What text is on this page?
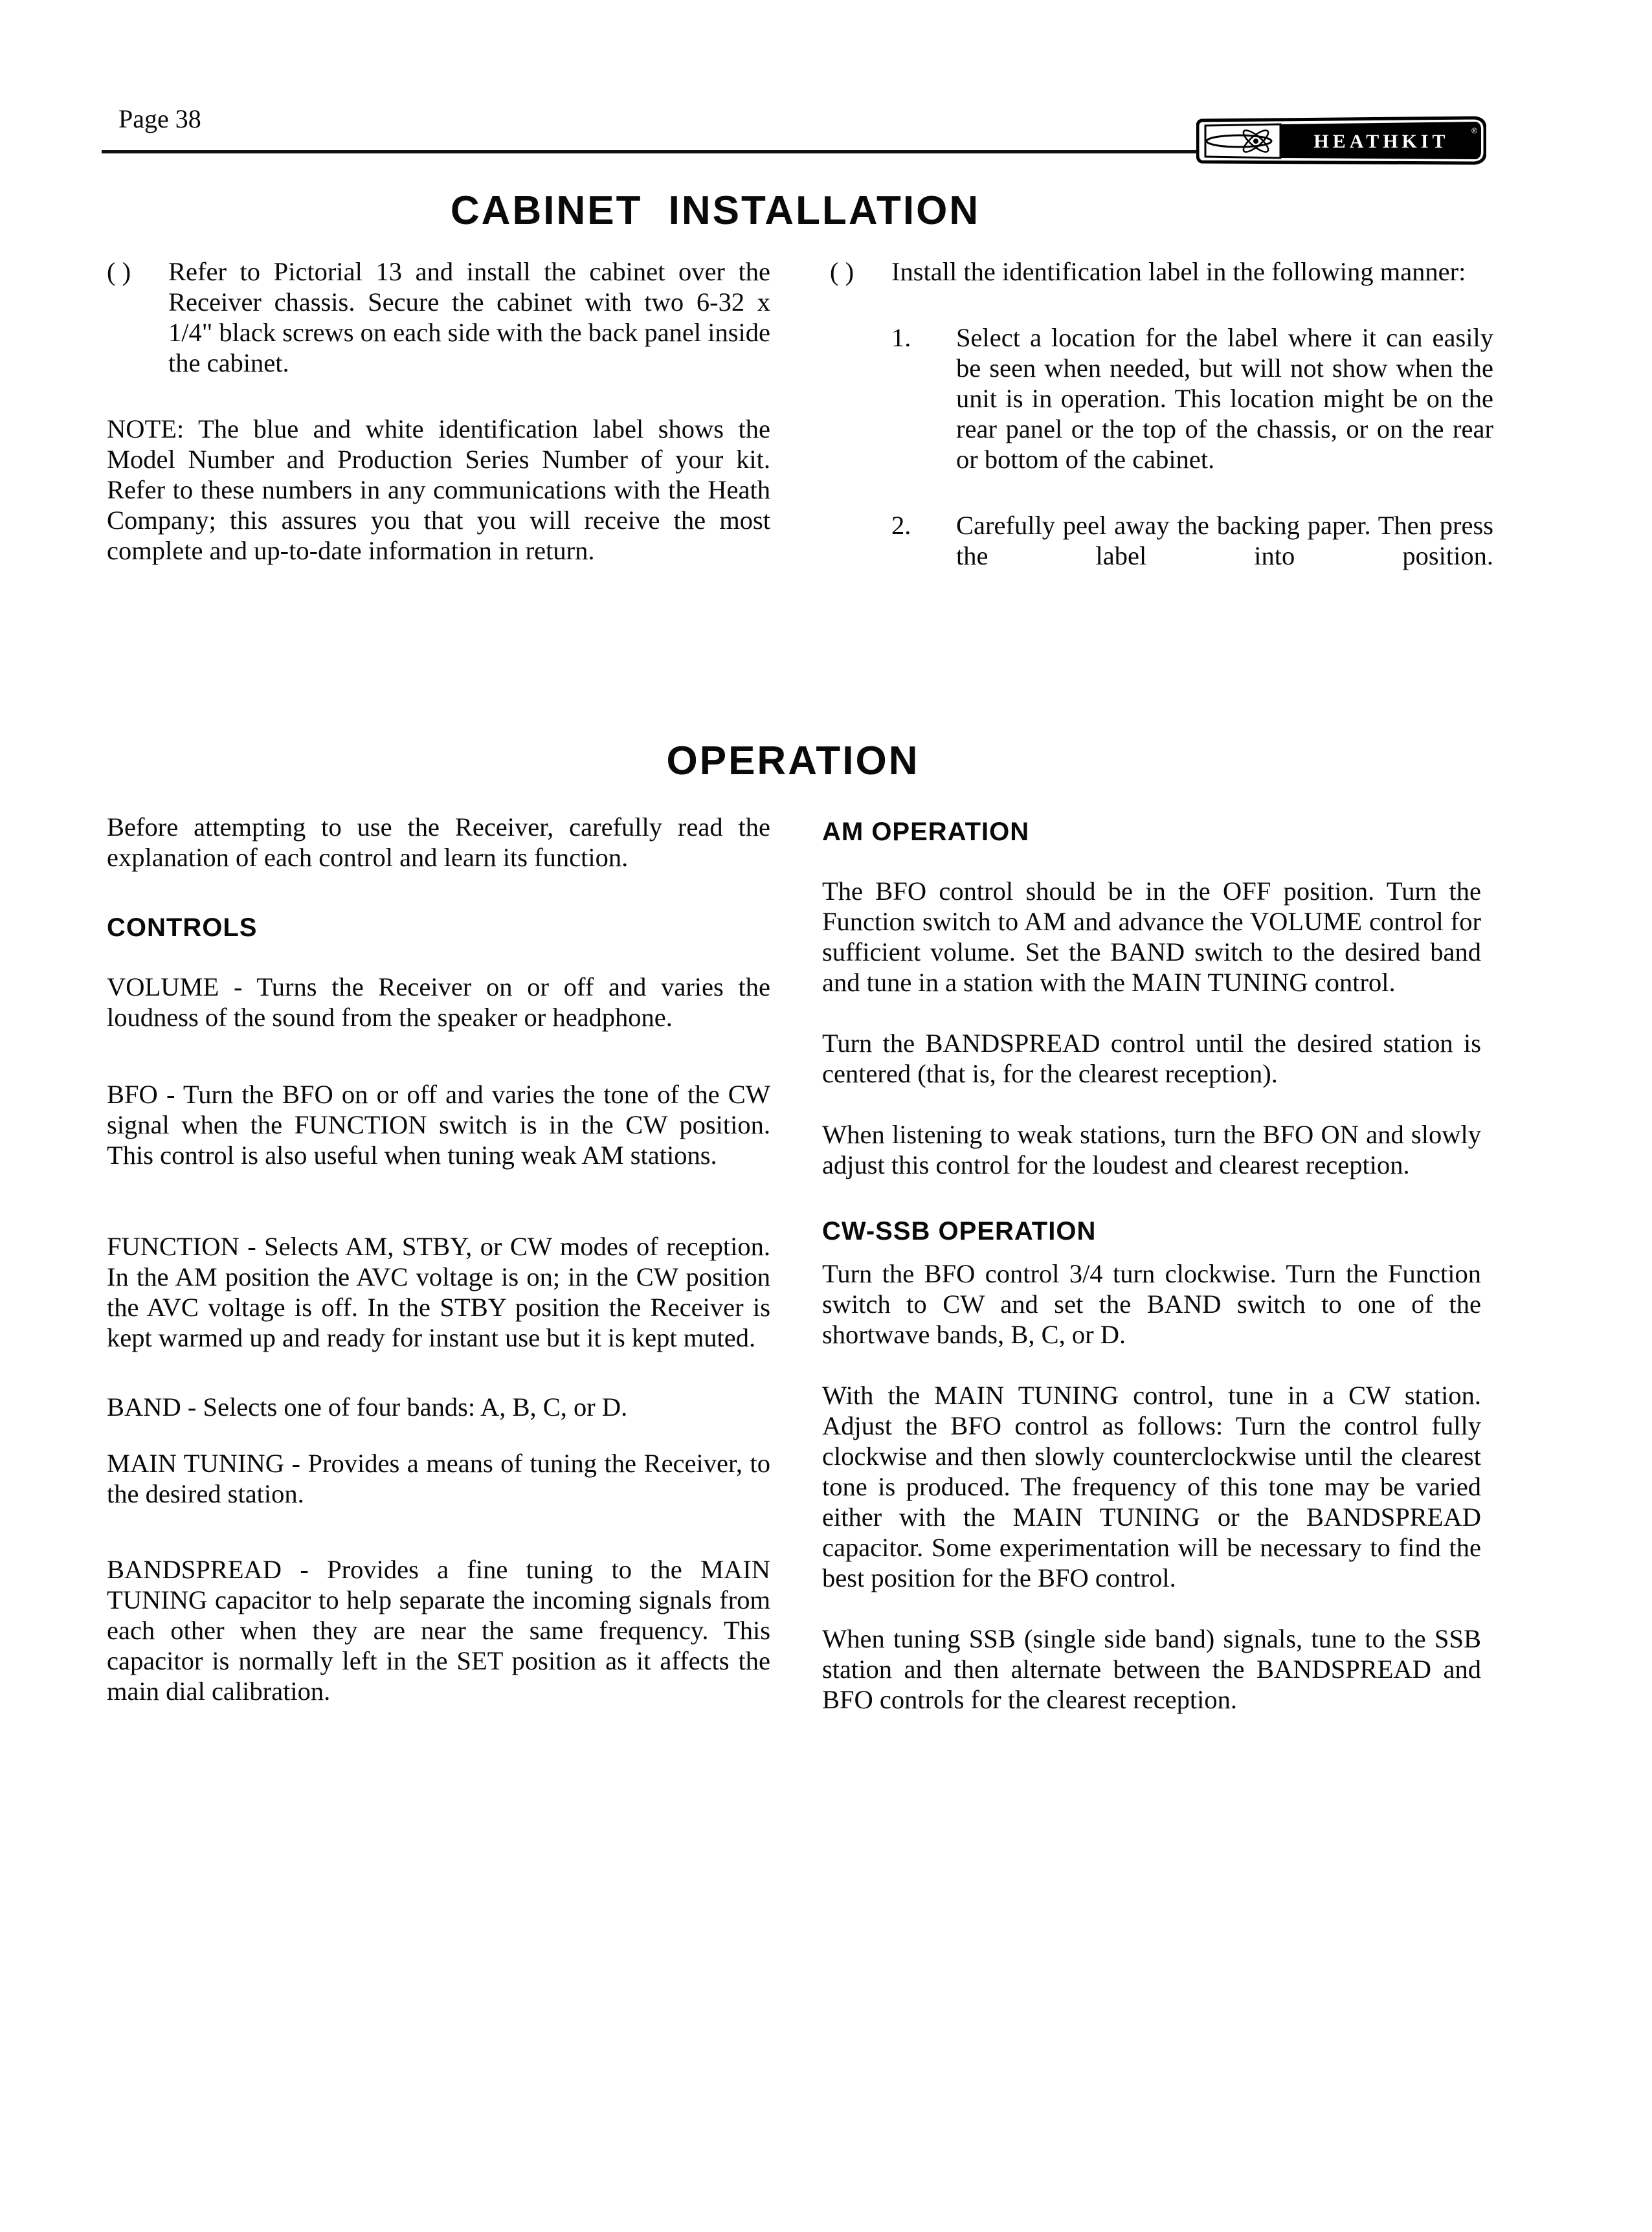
Page 38
HEATHKIT	®
CABINET INSTALLATION
( )	Refer to Pictorial 13 and install the cabinet over the Receiver chassis. Secure the cabinet with two 6-32 x 1/4" black screws on each side with the back panel inside the cabinet.

NOTE: The blue and white identification label shows the Model Number and Production Series Number of your kit. Refer to these numbers in any communications with the Heath Company; this assures you that you will receive the most complete and up-to-date information in return.

( )	Install the identification label in the following manner:

1. Select a location for the label where it can easily be seen when needed, but will not show when the unit is in operation. This location might be on the rear panel or the top of the chassis, or on the rear or bottom of the cabinet.

2. Carefully peel away the backing paper. Then press the label into position.

OPERATION

Before attempting to use the Receiver, carefully read the explanation of each control and learn its function.

CONTROLS

VOLUME - Turns the Receiver on or off and varies the loudness of the sound from the speaker or headphone.

BFO - Turn the BFO on or off and varies the tone of the CW signal when the FUNCTION switch is in the CW position. This control is also useful when tuning weak AM stations.

FUNCTION - Selects AM, STBY, or CW modes of reception. In the AM position the AVC voltage is on; in the CW position the AVC voltage is off. In the STBY position the Receiver is kept warmed up and ready for instant use but it is kept muted.

BAND - Selects one of four bands: A, B, C, or D.

MAIN TUNING - Provides a means of tuning the Receiver, to the desired station.

BANDSPREAD - Provides a fine tuning to the MAIN TUNING capacitor to help separate the incoming signals from each other when they are near the same frequency. This capacitor is normally left in the SET position as it affects the main dial calibration.

AM OPERATION

The BFO control should be in the OFF position. Turn the Function switch to AM and advance the VOLUME control for sufficient volume. Set the BAND switch to the desired band and tune in a station with the MAIN TUNING control.

Turn the BANDSPREAD control until the desired station is centered (that is, for the clearest reception).

When listening to weak stations, turn the BFO ON and slowly adjust this control for the loudest and clearest reception.

CW-SSB OPERATION

Turn the BFO control 3/4 turn clockwise. Turn the Function switch to CW and set the BAND switch to one of the shortwave bands, B, C, or D.

With the MAIN TUNING control, tune in a CW station. Adjust the BFO control as follows: Turn the control fully clockwise and then slowly counterclockwise until the clearest tone is produced. The frequency of this tone may be varied either with the MAIN TUNING or the BANDSPREAD capacitor. Some experimentation will be necessary to find the best position for the BFO control.

When tuning SSB (single side band) signals, tune to the SSB station and then alternate between the BANDSPREAD and BFO controls for the clearest reception.
